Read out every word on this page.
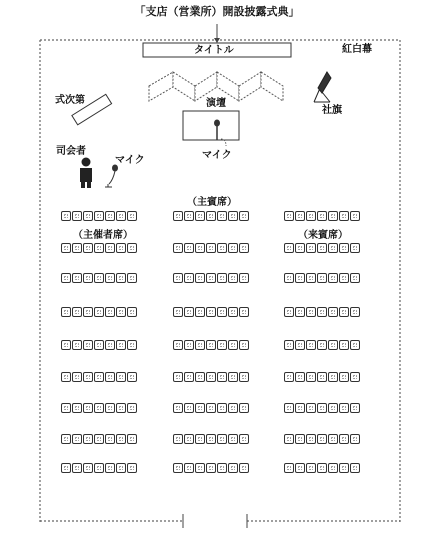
「支店（営業所）開設披露式典」
タイトル	紅白幕
式次第
社旗
演壇
マイク
司会者
マイク
（主賓席）
（主催者席）	（来賓席）
